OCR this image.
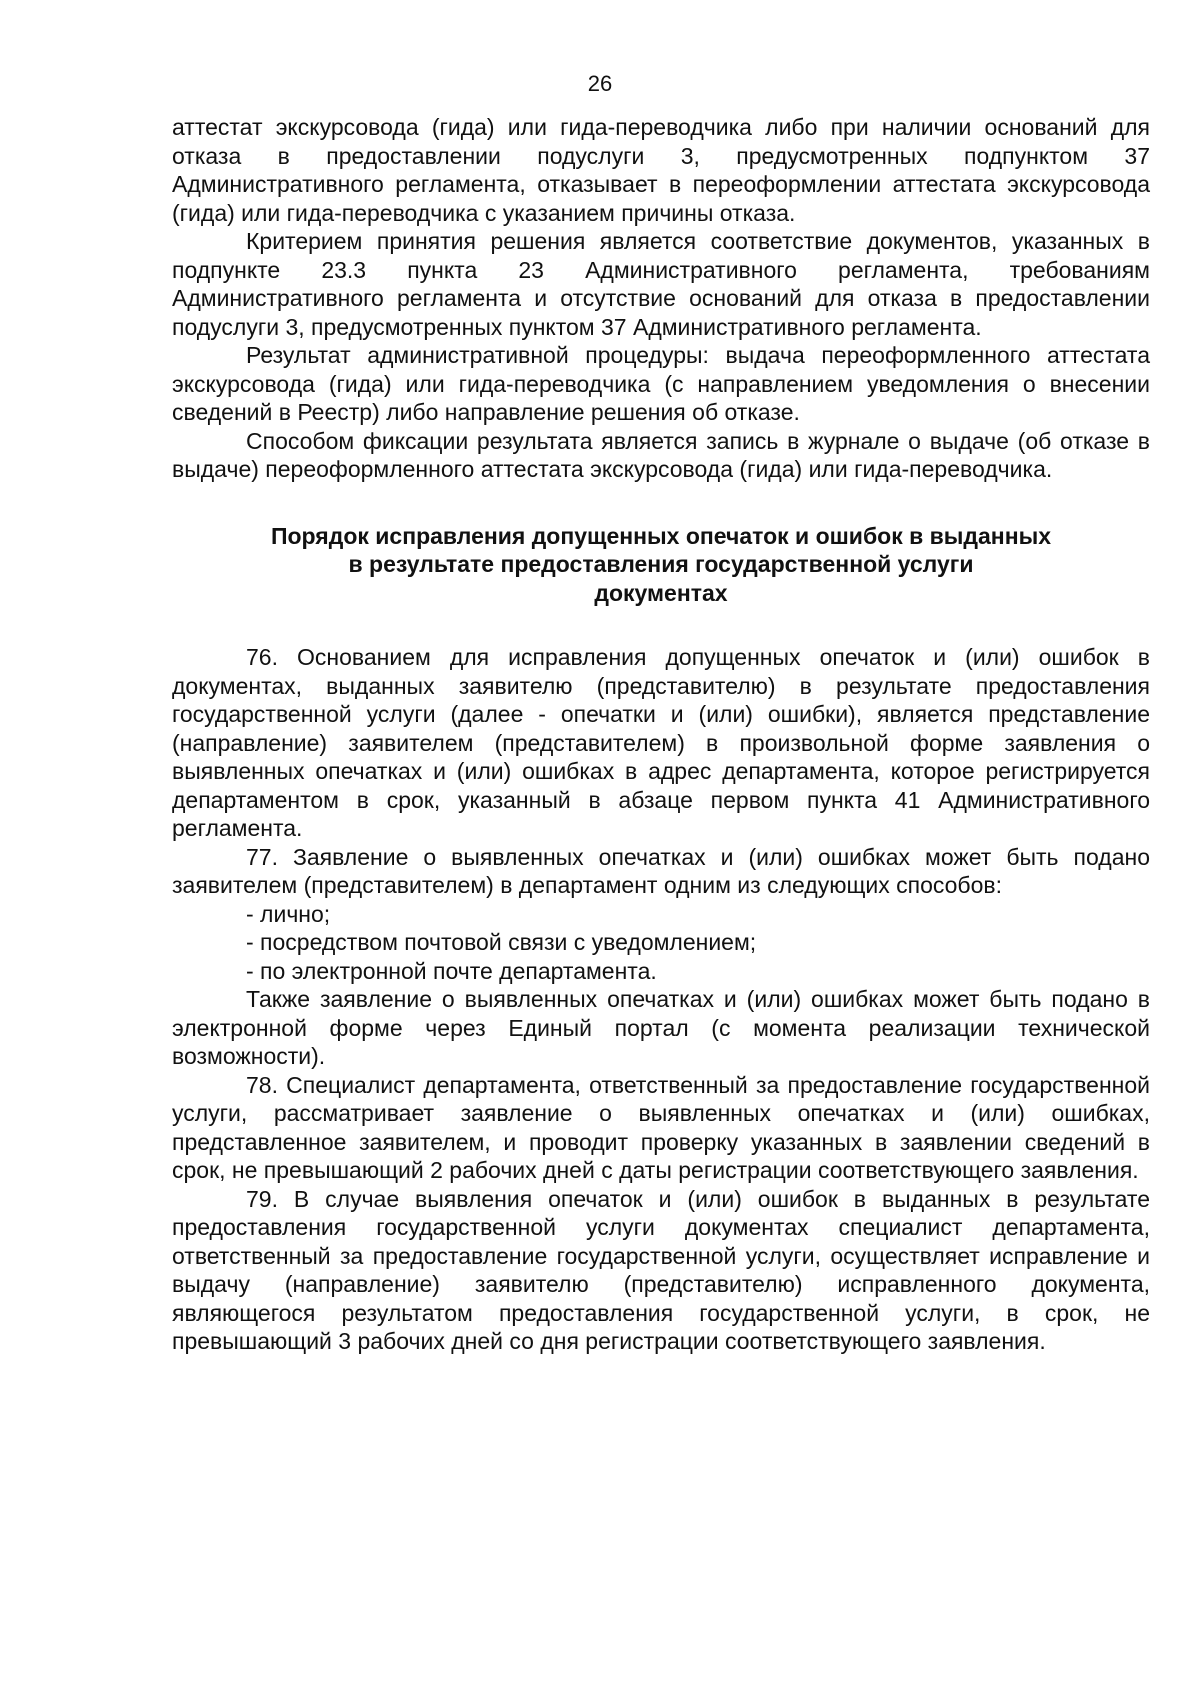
26

аттестат экскурсовода (гида) или гида-переводчика либо при наличии оснований для отказа в предоставлении подуслуги 3, предусмотренных подпунктом 37 Административного регламента, отказывает в переоформлении аттестата экскурсовода (гида) или гида-переводчика с указанием причины отказа.

Критерием принятия решения является соответствие документов, указанных в подпункте 23.3 пункта 23 Административного регламента, требованиям Административного регламента и отсутствие оснований для отказа в предоставлении подуслуги 3, предусмотренных пунктом 37 Административного регламента.

Результат административной процедуры: выдача переоформленного аттестата экскурсовода (гида) или гида-переводчика (с направлением уведомления о внесении сведений в Реестр) либо направление решения об отказе.

Способом фиксации результата является запись в журнале о выдаче (об отказе в выдаче) переоформленного аттестата экскурсовода (гида) или гида-переводчика.

Порядок исправления допущенных опечаток и ошибок в выданных
в результате предоставления государственной услуги
документах

76. Основанием для исправления допущенных опечаток и (или) ошибок в документах, выданных заявителю (представителю) в результате предоставления государственной услуги (далее - опечатки и (или) ошибки), является представление (направление) заявителем (представителем) в произвольной форме заявления о выявленных опечатках и (или) ошибках в адрес департамента, которое регистрируется департаментом в срок, указанный в абзаце первом пункта 41 Административного регламента.

77. Заявление о выявленных опечатках и (или) ошибках может быть подано заявителем (представителем) в департамент одним из следующих способов:

- лично;

- посредством почтовой связи с уведомлением;

- по электронной почте департамента.

Также заявление о выявленных опечатках и (или) ошибках может быть подано в электронной форме через Единый портал (с момента реализации технической возможности).

78. Специалист департамента, ответственный за предоставление государственной услуги, рассматривает заявление о выявленных опечатках и (или) ошибках, представленное заявителем, и проводит проверку указанных в заявлении сведений в срок, не превышающий 2 рабочих дней с даты регистрации соответствующего заявления.

79. В случае выявления опечаток и (или) ошибок в выданных в результате предоставления государственной услуги документах специалист департамента, ответственный за предоставление государственной услуги, осуществляет исправление и выдачу (направление) заявителю (представителю) исправленного документа, являющегося результатом предоставления государственной услуги, в срок, не превышающий 3 рабочих дней со дня регистрации соответствующего заявления.
